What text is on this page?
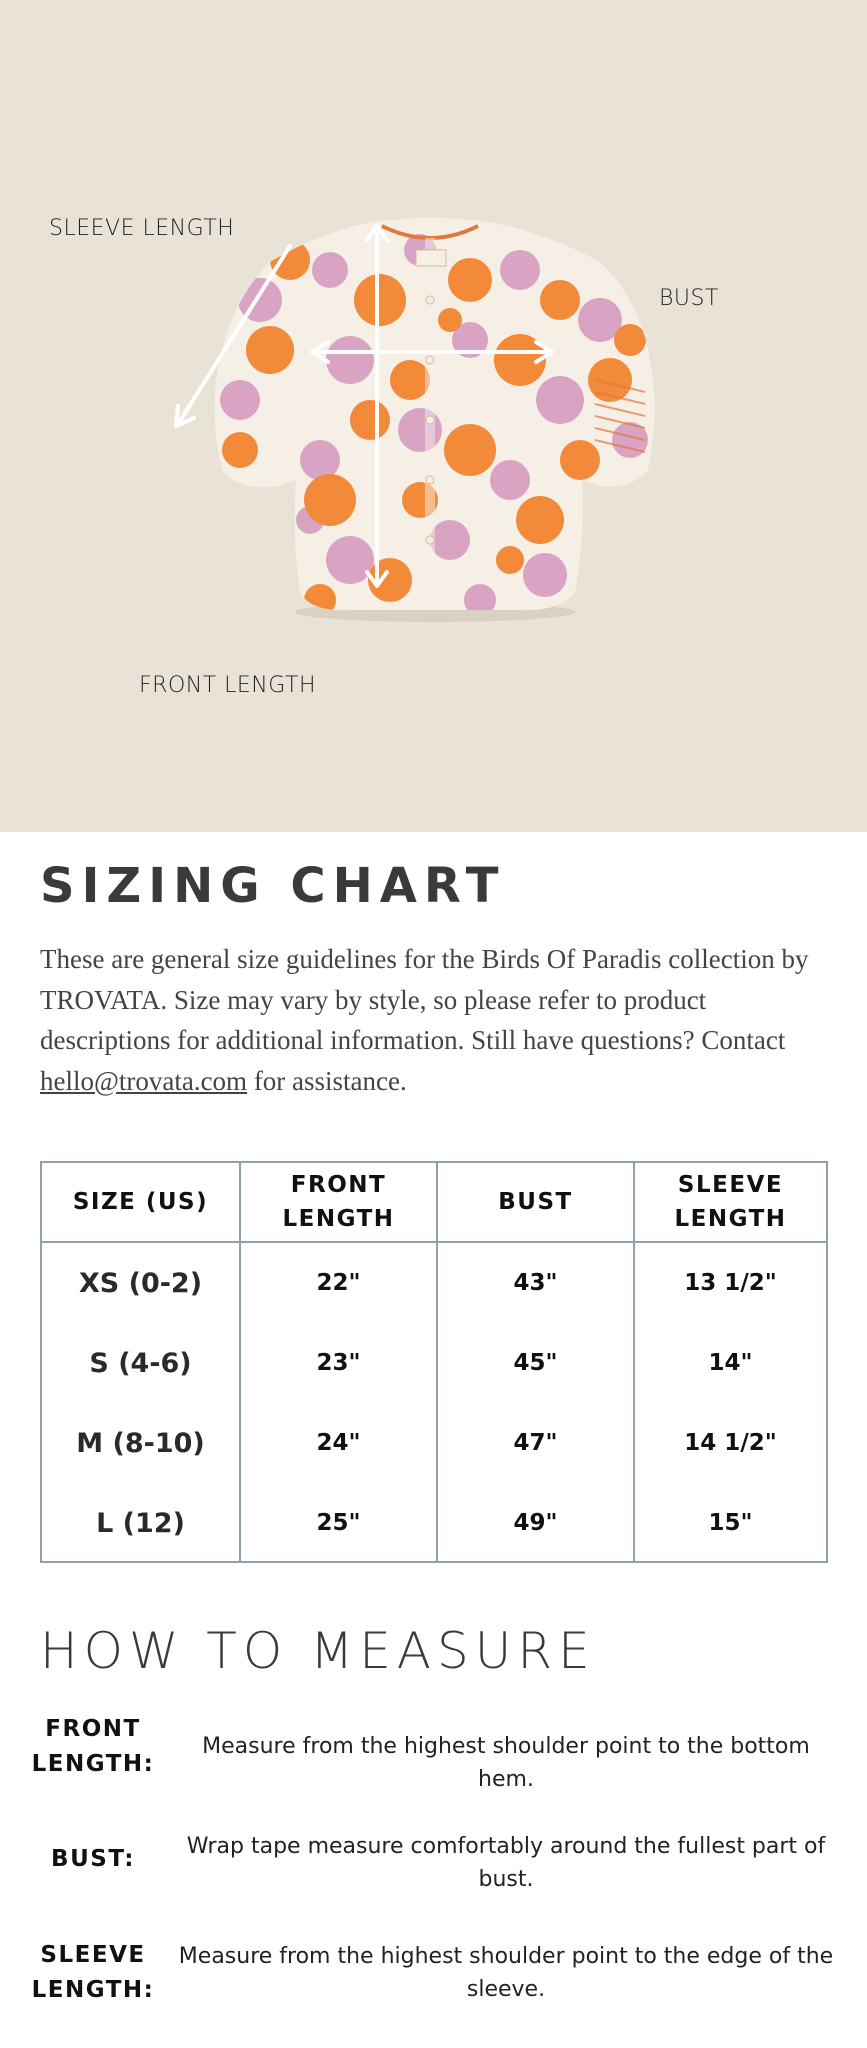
SLEEVE LENGTH
BUST
FRONT LENGTH
SIZING CHART

These are general size guidelines for the Birds Of Paradis collection by TROVATA. Size may vary by style, so please refer to product descriptions for additional information. Still have questions? Contact hello@trovata.com for assistance.

SIZE (US)
XS (0-2)
S (4-6)
M (8-10)
L (12)
FRONT
LENGTH
22"
23"
24"
25"
BUST
43"
45"
47"
49"
SLEEVE
LENGTH
13 1/2"
14"
14 1/2"
15"
HOW TO MEASURE
FRONT
LENGTH:
Measure from the highest shoulder point to the bottom hem.
BUST:	Wrap tape measure comfortably around the fullest part of bust.
SLEEVE
LENGTH:
Measure from the highest shoulder point to the edge of the sleeve.
